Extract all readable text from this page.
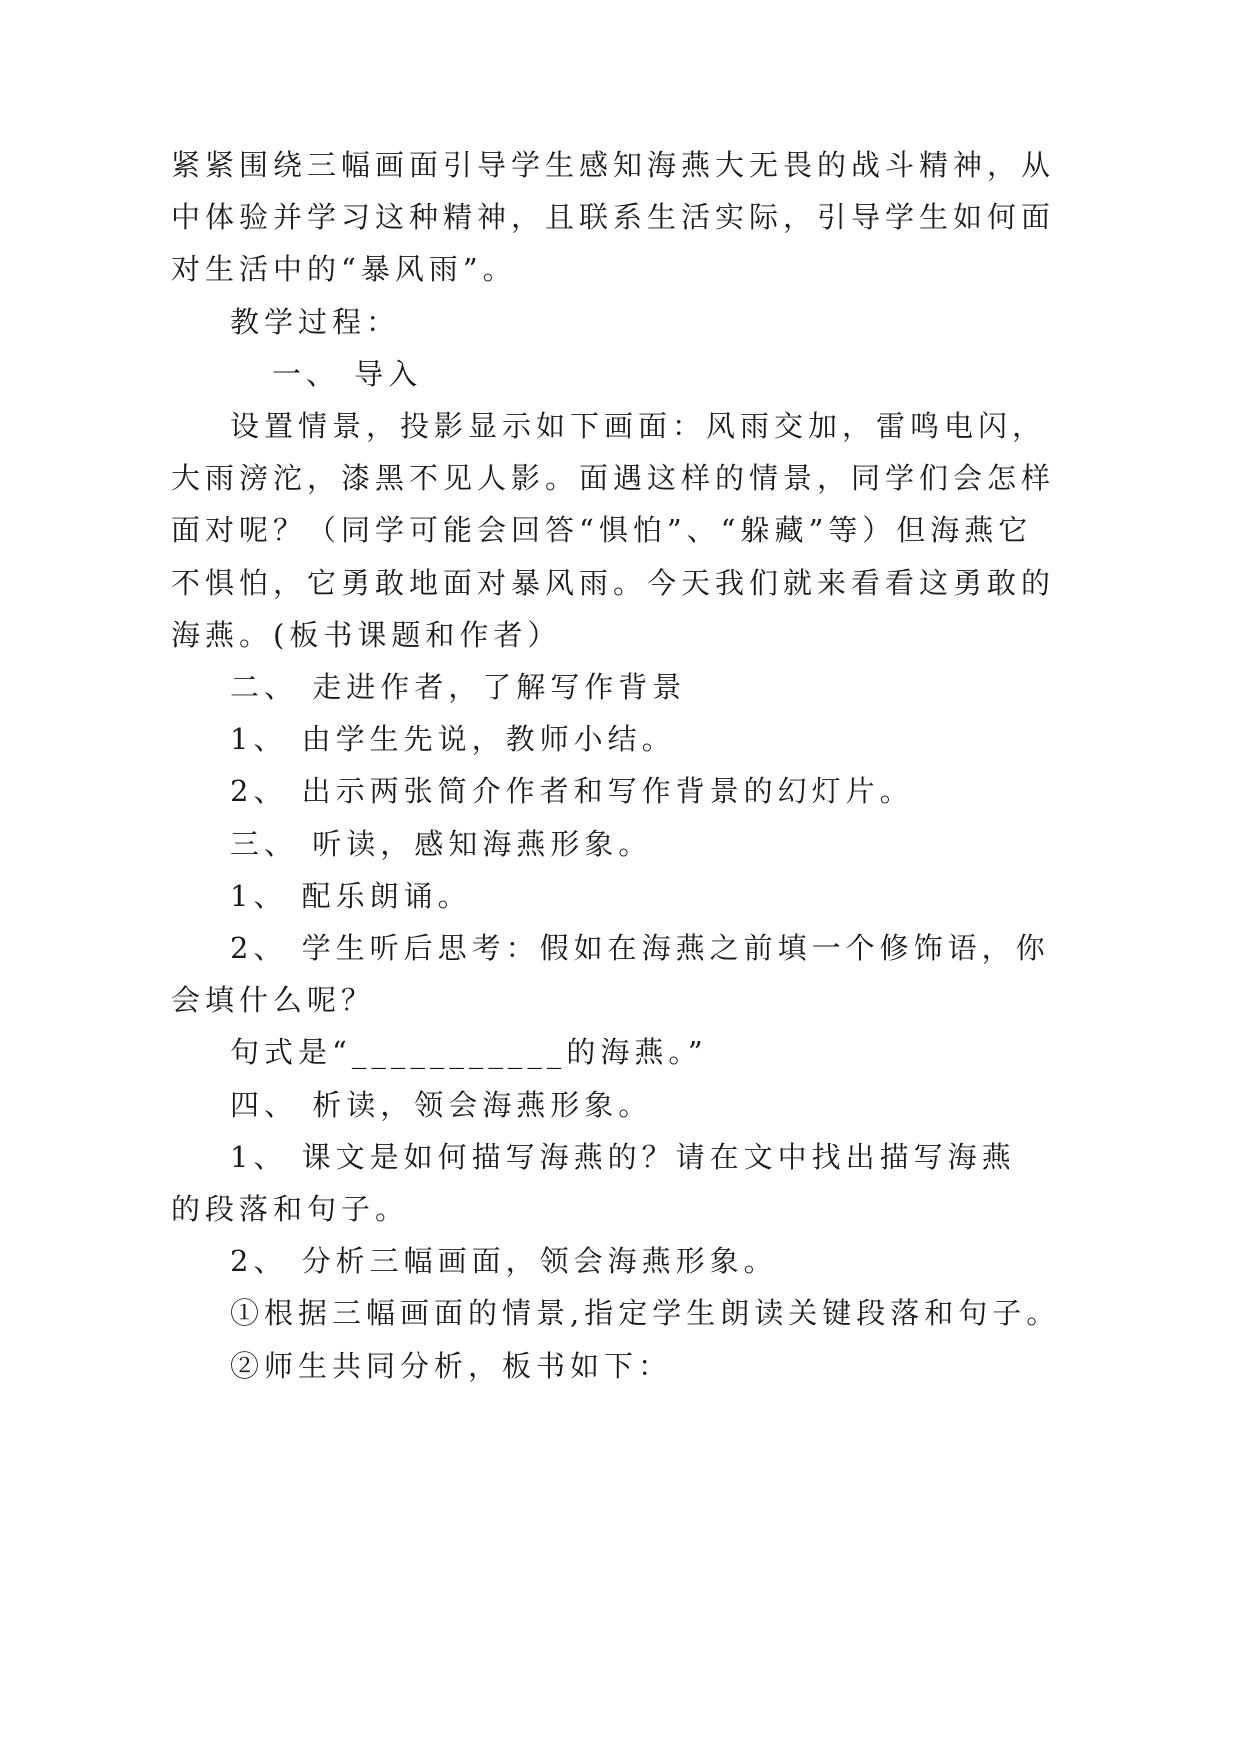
紧紧围绕三幅画面引导学生感知海燕大无畏的战斗精神，从
中体验并学习这种精神，且联系生活实际，引导学生如何面
对生活中的“暴风雨”。
教学过程：
一、 导入
设置情景，投影显示如下画面：风雨交加，雷鸣电闪，
大雨滂沱，漆黑不见人影。面遇这样的情景，同学们会怎样
面对呢？（同学可能会回答“惧怕”、“躲藏”等）但海燕它
不惧怕，它勇敢地面对暴风雨。今天我们就来看看这勇敢的
海燕。(板书课题和作者）
二、 走进作者，了解写作背景
1、 由学生先说，教师小结。
2、 出示两张简介作者和写作背景的幻灯片。
三、 听读，感知海燕形象。
1、 配乐朗诵。
2、 学生听后思考：假如在海燕之前填一个修饰语，你
会填什么呢？
句式是“___________的海燕。”
四、 析读，领会海燕形象。
1、 课文是如何描写海燕的？请在文中找出描写海燕
的段落和句子。
2、 分析三幅画面，领会海燕形象。
①根据三幅画面的情景,指定学生朗读关键段落和句子。
②师生共同分析，板书如下：
